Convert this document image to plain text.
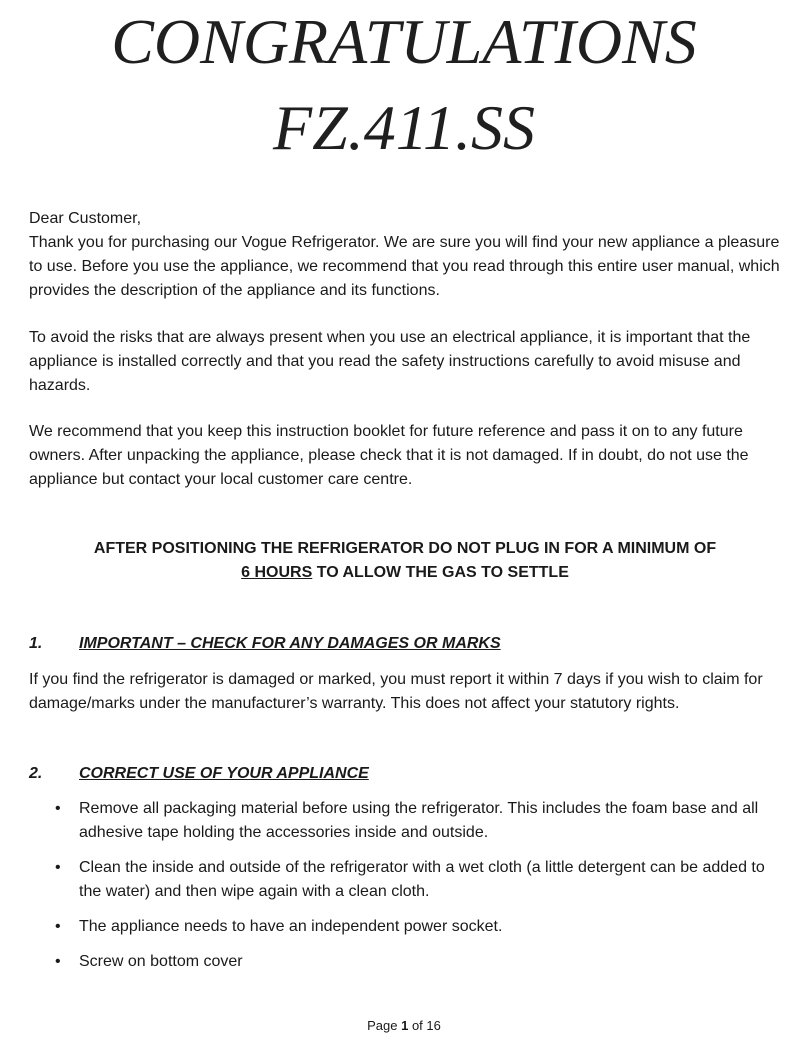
CONGRATULATIONS
FZ.411.SS

Dear Customer,

Thank you for purchasing our Vogue Refrigerator. We are sure you will find your new appliance a pleasure to use. Before you use the appliance, we recommend that you read through this entire user manual, which provides the description of the appliance and its functions.

To avoid the risks that are always present when you use an electrical appliance, it is important that the appliance is installed correctly and that you read the safety instructions carefully to avoid misuse and hazards.

We recommend that you keep this instruction booklet for future reference and pass it on to any future owners. After unpacking the appliance, please check that it is not damaged. If in doubt, do not use the appliance but contact your local customer care centre.

AFTER POSITIONING THE REFRIGERATOR DO NOT PLUG IN FOR A MINIMUM OF
6 HOURS TO ALLOW THE GAS TO SETTLE
1. IMPORTANT – CHECK FOR ANY DAMAGES OR MARKS

If you find the refrigerator is damaged or marked, you must report it within 7 days if you wish to claim for damage/marks under the manufacturer’s warranty. This does not affect your statutory rights.

2. CORRECT USE OF YOUR APPLIANCE
• Remove all packaging material before using the refrigerator. This includes the foam base and all adhesive tape holding the accessories inside and outside.
• Clean the inside and outside of the refrigerator with a wet cloth (a little detergent can be added to the water) and then wipe again with a clean cloth.
• The appliance needs to have an independent power socket.
• Screw on bottom cover
Page 1 of 16
